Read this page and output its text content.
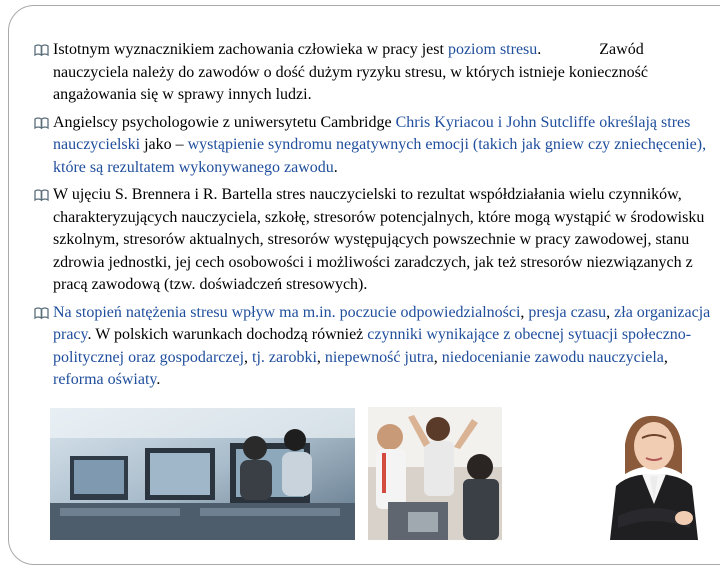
Istotnym wyznacznikiem zachowania człowieka w pracy jest poziom stresu.	Zawód
nauczyciela należy do zawodów o dość dużym ryzyku stresu, w których istnieje konieczność
angażowania się w sprawy innych ludzi.
Angielscy psychologowie z uniwersytetu Cambridge Chris Kyriacou i John Sutcliffe określają stres nauczycielski jako – wystąpienie syndromu negatywnych emocji (takich jak gniew czy zniechęcenie), które są rezultatem wykonywanego zawodu.
W ujęciu S. Brennera i R. Bartella stres nauczycielski to rezultat współdziałania wielu czynników, charakteryzujących nauczyciela, szkołę, stresorów potencjalnych, które mogą wystąpić w środowisku szkolnym, stresorów aktualnych, stresorów występujących powszechnie w pracy zawodowej, stanu zdrowia jednostki, jej cech osobowości i możliwości zaradczych, jak też stresorów niezwiązanych z pracą zawodową (tzw. doświadczeń stresowych).
Na stopień natężenia stresu wpływ ma m.in. poczucie odpowiedzialności, presja czasu, zła organizacja pracy. W polskich warunkach dochodzą również czynniki wynikające z obecnej sytuacji społeczno-politycznej oraz gospodarczej, tj. zarobki, niepewność jutra, niedocenianie zawodu nauczyciela, reforma oświaty.
